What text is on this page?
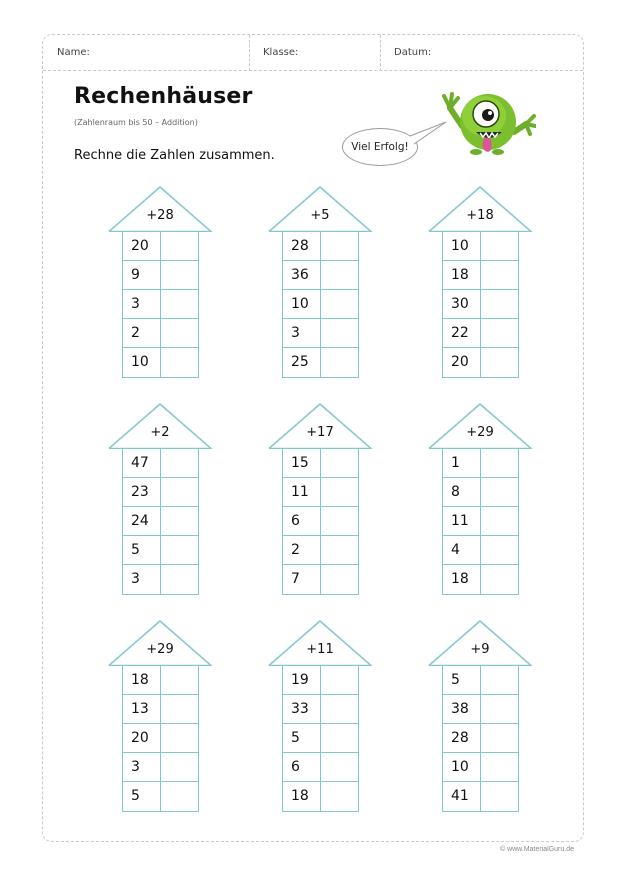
Name:	Klasse:	Datum:
Rechenhäuser
(Zahlenraum bis 50 – Addition)
Rechne die Zahlen zusammen.
Viel Erfolg!
+28
20
9
3
2
10
+5
28
36
10
3
25
+18
10
18
30
22
20
+2
47
23
24
5
3
+17
15
11
6
2
7
+29
1
8
11
4
18
+29
18
13
20
3
5
+11
19
33
5
6
18
+9
5
38
28
10
41
© www.MaterialGuru.de
